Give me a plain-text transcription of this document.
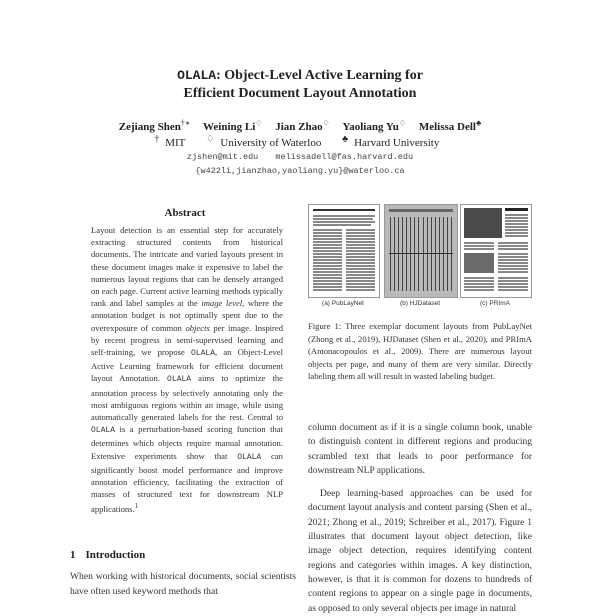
OLALA: Object-Level Active Learning for
Efficient Document Layout Annotation
Zejiang Shen†∗ Weining Li♢ Jian Zhao♢ Yaoliang Yu♢ Melissa Dell♣
† MIT ♢ University of Waterloo ♣ Harvard University
zjshen@mit.edu melissadell@fas.harvard.edu
{w422li,jianzhao,yaoliang.yu}@waterloo.ca
Abstract
Layout detection is an essential step for accurately extracting structured contents from historical documents. The intricate and varied layouts present in these document images make it expensive to label the numerous layout regions that can be densely arranged on each page. Current active learning methods typically rank and label samples at the image level, where the annotation budget is not optimally spent due to the overexposure of common objects per image. Inspired by recent progress in semi-supervised learning and self-training, we propose OLALA, an Object-Level Active Learning framework for efficient document layout Annotation. OLALA aims to optimize the annotation process by selectively annotating only the most ambiguous regions within an image, while using automatically generated labels for the rest. Central to OLALA is a perturbation-based scoring function that determines which objects require manual annotation. Extensive experiments show that OLALA can significantly boost model performance and improve annotation efficiency, facilitating the extraction of masses of structured text for downstream NLP applications.$^1$
1 Introduction
When working with historical documents, social scientists have often used keyword methods that
(a) PubLayNet	(b) HJDataset	(c) PRImA
Figure 1: Three exemplar document layouts from PubLayNet (Zhong et al., 2019), HJDataset (Shen et al., 2020), and PRImA (Antonacopoulos et al., 2009). There are numerous layout objects per page, and many of them are very similar. Directly labeling them all will result in wasted labeling budget.

column document as if it is a single column book, unable to distinguish content in different regions and producing scrambled text that leads to poor performance for downstream NLP applications.

Deep learning-based approaches can be used for document layout analysis and content parsing (Shen et al., 2021; Zhong et al., 2019; Schreiber et al., 2017). Figure 1 illustrates that document layout object detection, like image object detection, requires identifying content regions and categories within images. A key distinction, however, is that it is common for dozens to hundreds of content regions to appear on a single page in documents, as opposed to only several objects per image in natural
